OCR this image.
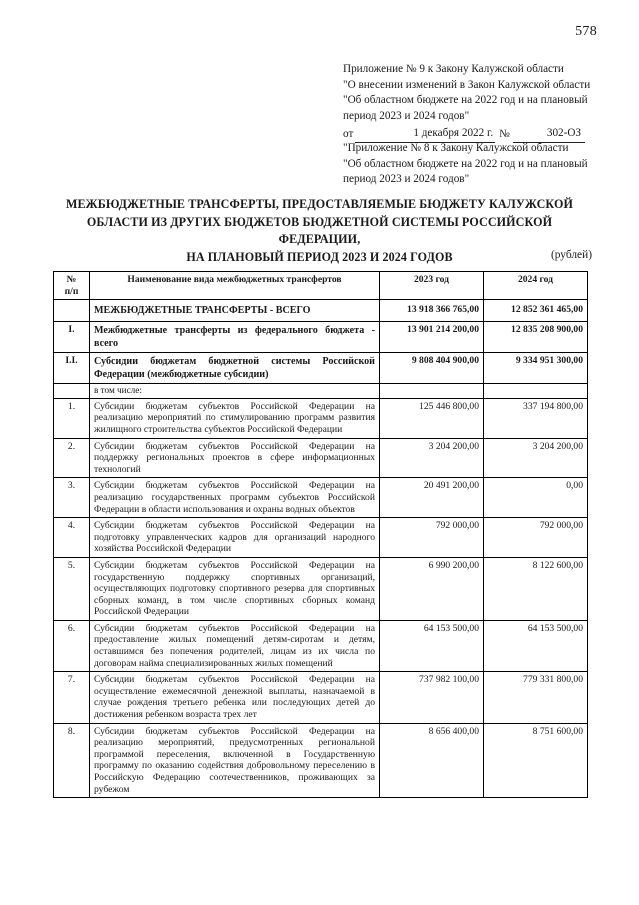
578
Приложение № 9 к Закону Калужской области
"О внесении изменений в Закон Калужской области
"Об областном бюджете на 2022 год и на плановый
период 2023 и 2024 годов"
от	1 декабря 2022 г. №	302-ОЗ
"Приложение № 8 к Закону Калужской области
"Об областном бюджете на 2022 год и на плановый
период 2023 и 2024 годов"
МЕЖБЮДЖЕТНЫЕ ТРАНСФЕРТЫ, ПРЕДОСТАВЛЯЕМЫЕ БЮДЖЕТУ КАЛУЖСКОЙ
ОБЛАСТИ ИЗ ДРУГИХ БЮДЖЕТОВ БЮДЖЕТНОЙ СИСТЕМЫ РОССИЙСКОЙ ФЕДЕРАЦИИ,
НА ПЛАНОВЫЙ ПЕРИОД 2023 И 2024 ГОДОВ	(рублей)
№
п/п	Наименование вида межбюджетных трансфертов	2023 год	2024 год
	МЕЖБЮДЖЕТНЫЕ ТРАНСФЕРТЫ - ВСЕГО	13 918 366 765,00	12 852 361 465,00
I.	Межбюджетные трансферты из федерального бюджета - всего	13 901 214 200,00	12 835 208 900,00
I.I.	Субсидии бюджетам бюджетной системы Российской Федерации (межбюджетные субсидии)	9 808 404 900,00	9 334 951 300,00
	в том числе:		
1.	Субсидии бюджетам субъектов Российской Федерации на реализацию мероприятий по стимулированию программ развития жилищного строительства субъектов Российской Федерации	125 446 800,00	337 194 800,00
2.	Субсидии бюджетам субъектов Российской Федерации на поддержку региональных проектов в сфере информационных технологий	3 204 200,00	3 204 200,00
3.	Субсидии бюджетам субъектов Российской Федерации на реализацию государственных программ субъектов Российской Федерации в области использования и охраны водных объектов	20 491 200,00	0,00
4.	Субсидии бюджетам субъектов Российской Федерации на подготовку управленческих кадров для организаций народного хозяйства Российской Федерации	792 000,00	792 000,00
5.	Субсидии бюджетам субъектов Российской Федерации на государственную поддержку спортивных организаций, осуществляющих подготовку спортивного резерва для спортивных сборных команд, в том числе спортивных сборных команд Российской Федерации	6 990 200,00	8 122 600,00
6.	Субсидии бюджетам субъектов Российской Федерации на предоставление жилых помещений детям-сиротам и детям, оставшимся без попечения родителей, лицам из их числа по договорам найма специализированных жилых помещений	64 153 500,00	64 153 500,00
7.	Субсидии бюджетам субъектов Российской Федерации на осуществление ежемесячной денежной выплаты, назначаемой в случае рождения третьего ребенка или последующих детей до достижения ребенком возраста трех лет	737 982 100,00	779 331 800,00
8.	Субсидии бюджетам субъектов Российской Федерации на реализацию мероприятий, предусмотренных региональной программой переселения, включенной в Государственную программу по оказанию содействия добровольному переселению в Российскую Федерацию соотечественников, проживающих за рубежом	8 656 400,00	8 751 600,00
